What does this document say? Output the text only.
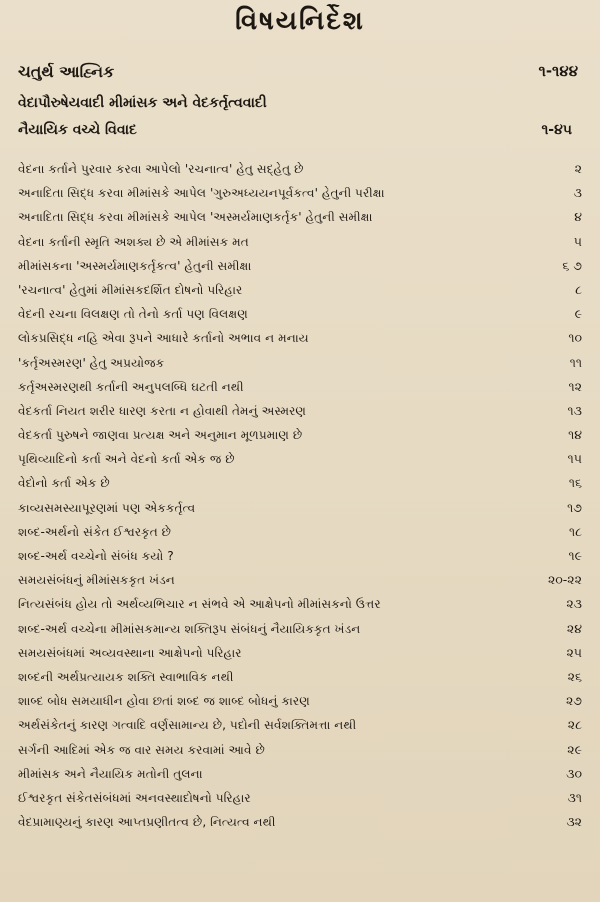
વિષયનિર્દેશ
ચતુર્થ આહ્નિક	૧-૧૪૪
વેદાપૌરુષેયવાદી મીમાંસક અને વેદકર્તૃત્વવાદી
નૈયાયિક વચ્ચે વિવાદ	૧-૪૫
વેદના કર્તાને પુરવાર કરવા આપેલો 'રચનાત્વ' હેતુ સદ્હેતુ છે	૨
અનાદિતા સિદ્ધ કરવા મીમાંસકે આપેલ 'ગુરુઅધ્યયનપૂર્વકત્વ' હેતુની પરીક્ષા	૩
અનાદિતા સિદ્ધ કરવા મીમાંસકે આપેલ 'અસ્મર્યમાણકર્તૃક' હેતુની સમીક્ષા	૪
વેદના કર્તાની સ્મૃતિ અશક્ય છે એ મીમાંસક મત	૫
મીમાંસકના 'અસ્મર્યમાણકર્તૃકત્વ' હેતુની સમીક્ષા	૬ ૭
'રચનાત્વ' હેતુમાં મીમાંસકદર્શિત દોષનો પરિહાર	૮
વેદની રચના વિલક્ષણ તો તેનો કર્તા પણ વિલક્ષણ	૯
લોકપ્રસિદ્ધ નહિ એવા રૂપને આધારે કર્તાનો અભાવ ન મનાય	૧૦
'કર્તૃઅસ્મરણ' હેતુ અપ્રયોજક	૧૧
કર્તૃઅસ્મરણથી કર્તાની અનુપલબ્ધિ ઘટતી નથી	૧૨
વેદકર્તા નિયત શરીર ધારણ કરતા ન હોવાથી તેમનું અસ્મરણ	૧૩
વેદકર્તા પુરુષને જાણવા પ્રત્યક્ષ અને અનુમાન મૂળપ્રમાણ છે	૧૪
પૃથિવ્યાદિનો કર્તા અને વેદનો કર્તા એક જ છે	૧૫
વેદોનો કર્તા એક છે	૧૬
કાવ્યસમસ્યાપૂરણમાં પણ એકકર્તૃત્વ	૧૭
શબ્દ-અર્થનો સંકેત ઈશ્વરકૃત છે	૧૮
શબ્દ-અર્થ વચ્ચેનો સંબંધ કયો ?	૧૯
સમયસંબંધનું મીમાંસકકૃત ખંડન	૨૦-૨૨
નિત્યસંબંધ હોય તો અર્થવ્યભિચાર ન સંભવે એ આક્ષેપનો મીમાંસકનો ઉત્તર	૨૩
શબ્દ-અર્થ વચ્ચેના મીમાંસકમાન્ય શક્તિરૂપ સંબંધનું નૈયાયિકકૃત ખંડન	૨૪
સમયસંબંધમાં અવ્યવસ્થાના આક્ષેપનો પરિહાર	૨૫
શબ્દની અર્થપ્રત્યાયક શક્તિ સ્વાભાવિક નથી	૨૬
શાબ્દ બોધ સમયાધીન હોવા છતાં શબ્દ જ શાબ્દ બોધનું કારણ	૨૭
અર્થસંકેતનું કારણ ગત્વાદિ વર્ણસામાન્ય છે, પદોની સર્વશક્તિમત્તા નથી	૨૮
સર્ગની આદિમાં એક જ વાર સમય કરવામાં આવે છે	૨૯
મીમાંસક અને નૈયાયિક મતોની તુલના	૩૦
ઈશ્વરકૃત સંકેતસંબંધમાં અનવસ્થાદોષનો પરિહાર	૩૧
વેદપ્રામાણ્યનું કારણ આપ્તપ્રણીતત્વ છે, નિત્યત્વ નથી	૩૨
